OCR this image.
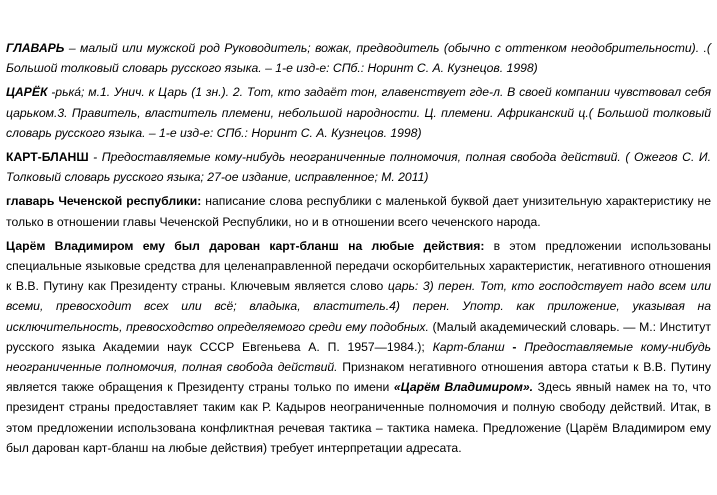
ГЛАВАРЬ – малый или мужской род Руководитель; вожак, предводитель (обычно с оттенком неодобрительности). .( Большой толковый словарь русского языка. – 1-е изд-е: СПб.: Норинт С. А. Кузнецов. 1998)

ЦАРЁК -рька́; м.1. Унич. к Царь (1 зн.). 2. Тот, кто задаёт тон, главенствует где-л. В своей компании чувствовал себя царьком.3. Правитель, властитель племени, небольшой народности. Ц. племени. Африканский ц.( Большой толковый словарь русского языка. – 1-е изд-е: СПб.: Норинт С. А. Кузнецов. 1998)

КАРТ-БЛАНШ - Предоставляемые кому-нибудь неограниченные полномочия, полная свобода действий. ( Ожегов С. И. Толковый словарь русского языка; 27-ое издание, исправленное; М. 2011)

главарь Чеченской республики: написание слова республики с маленькой буквой дает унизительную характеристику не только в отношении главы Чеченской Республики, но и в отношении всего чеченского народа.

Царём Владимиром ему был дарован карт-бланш на любые действия: в этом предложении использованы специальные языковые средства для целенаправленной передачи оскорбительных характеристик, негативного отношения к В.В. Путину как Президенту страны. Ключевым является слово царь: 3) перен. Тот, кто господствует надо всем или всеми, превосходит всех или всё; владыка, властитель.4) перен. Употр. как приложение, указывая на исключительность, превосходство определяемого среди ему подобных. (Малый академический словарь. — М.: Институт русского языка Академии наук СССР Евгеньева А. П. 1957—1984.); Карт-бланш - Предоставляемые кому-нибудь неограниченные полномочия, полная свобода действий. Признаком негативного отношения автора статьи к В.В. Путину является также обращения к Президенту страны только по имени «Царём Владимиром». Здесь явный намек на то, что президент страны предоставляет таким как Р. Кадыров неограниченные полномочия и полную свободу действий. Итак, в этом предложении использована конфликтная речевая тактика – тактика намека. Предложение (Царём Владимиром ему был дарован карт-бланш на любые действия) требует интерпретации адресата.
